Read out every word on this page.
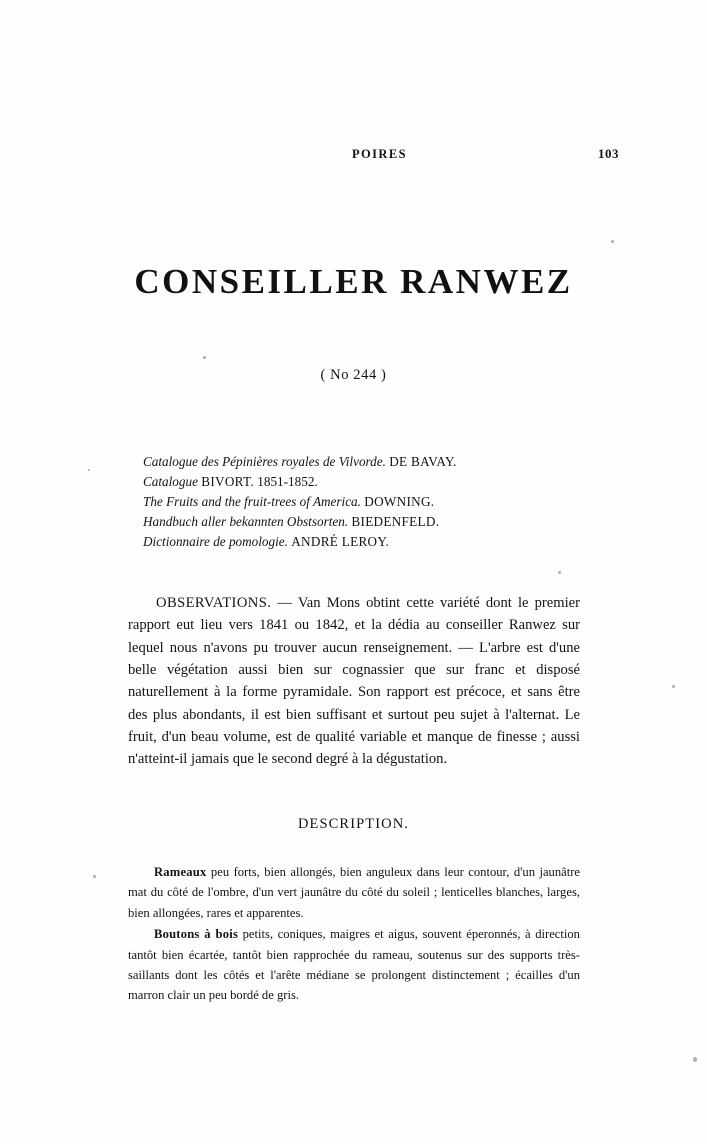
POIRES	103
CONSEILLER RANWEZ
( No 244 )
Catalogue des Pépinières royales de Vilvorde. DE BAVAY.
Catalogue BIVORT. 1851-1852.
The Fruits and the fruit-trees of America. DOWNING.
Handbuch aller bekannten Obstsorten. BIEDENFELD.
Dictionnaire de pomologie. ANDRÉ LEROY.
OBSERVATIONS. — Van Mons obtint cette variété dont le premier rapport eut lieu vers 1841 ou 1842, et la dédia au conseiller Ranwez sur lequel nous n'avons pu trouver aucun renseignement. — L'arbre est d'une belle végétation aussi bien sur cognassier que sur franc et disposé naturellement à la forme pyramidale. Son rapport est précoce, et sans être des plus abondants, il est bien suffisant et surtout peu sujet à l'alternat. Le fruit, d'un beau volume, est de qualité variable et manque de finesse ; aussi n'atteint-il jamais que le second degré à la dégustation.
DESCRIPTION.

Rameaux peu forts, bien allongés, bien anguleux dans leur contour, d'un jaunâtre mat du côté de l'ombre, d'un vert jaunâtre du côté du soleil ; lenticelles blanches, larges, bien allongées, rares et apparentes.

Boutons à bois petits, coniques, maigres et aigus, souvent éperonnés, à direction tantôt bien écartée, tantôt bien rapprochée du rameau, soutenus sur des supports très-saillants dont les côtés et l'arête médiane se prolongent distinctement ; écailles d'un marron clair un peu bordé de gris.
